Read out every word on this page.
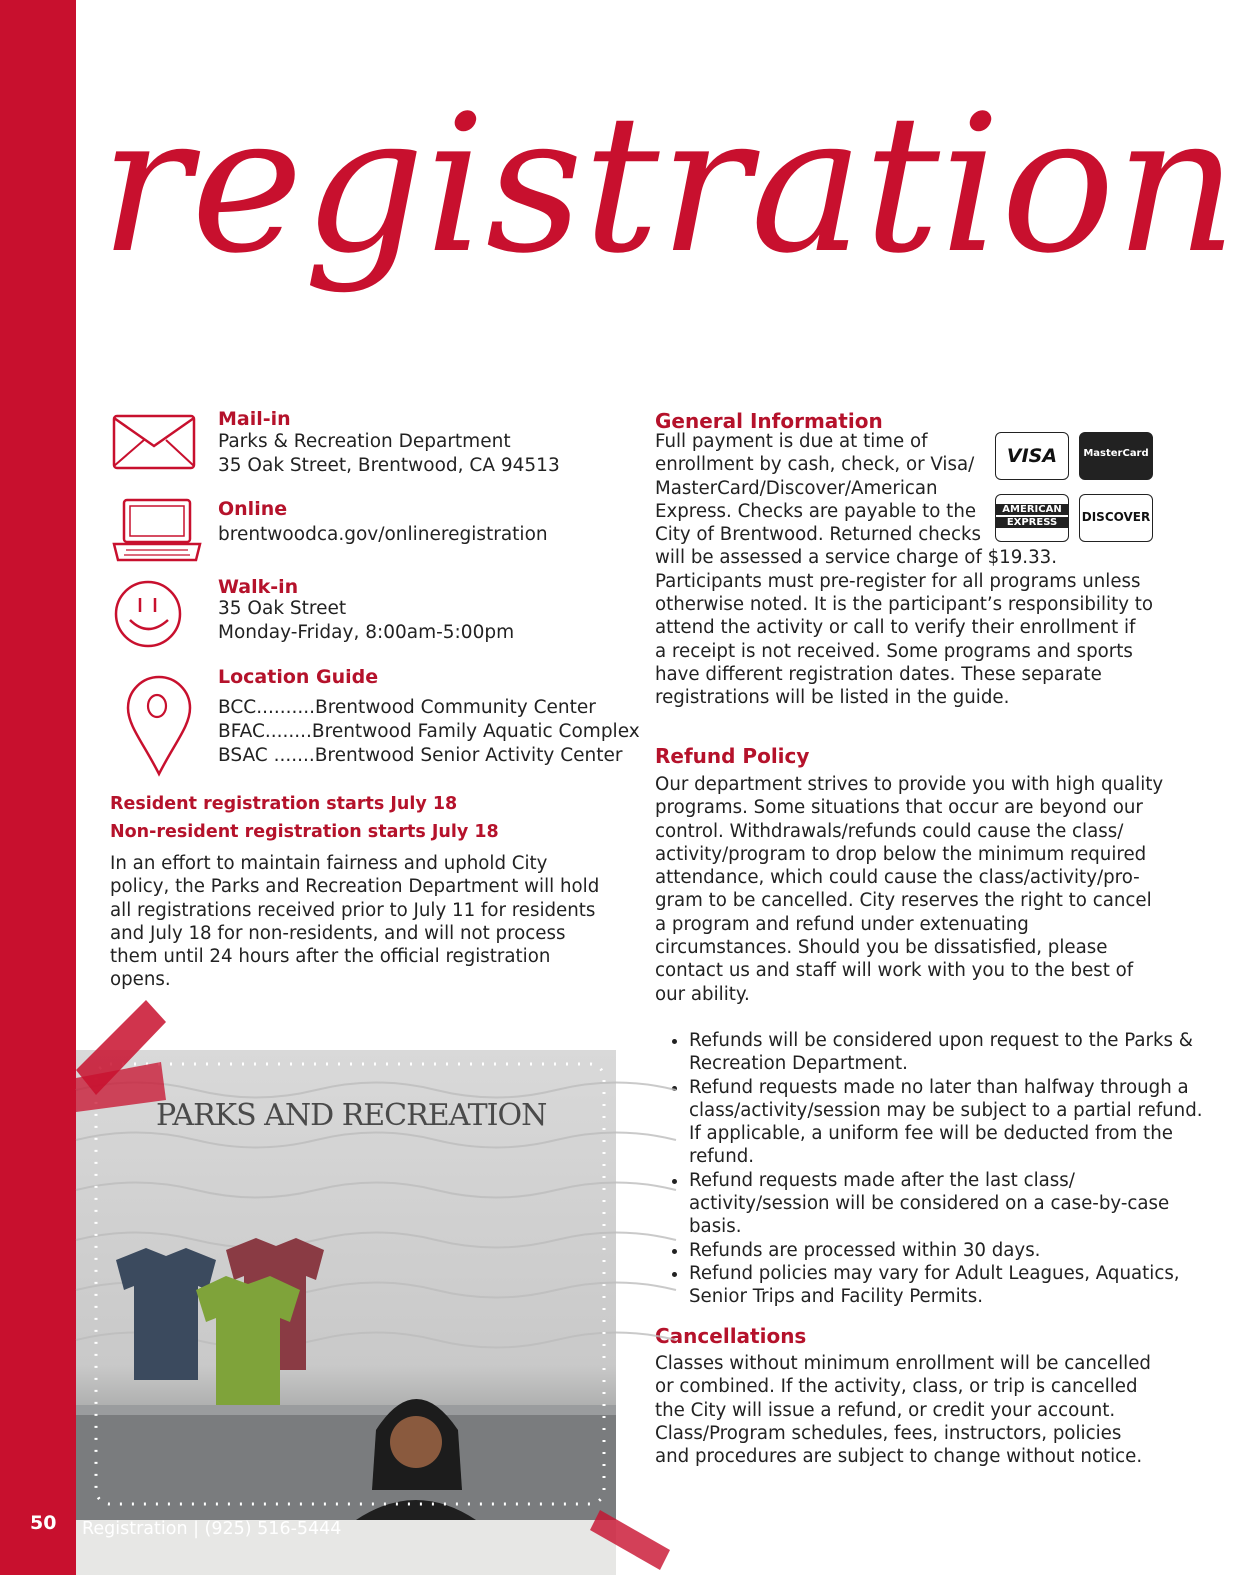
50
registration
Mail-in
Parks & Recreation Department
35 Oak Street, Brentwood, CA 94513
Online
brentwoodca.gov/onlineregistration
Walk-in
35 Oak Street
Monday-Friday, 8:00am-5:00pm
Location Guide
BCC..........Brentwood Community Center
BFAC........Brentwood Family Aquatic Complex
BSAC .......Brentwood Senior Activity Center
Resident registration starts July 18
Non-resident registration starts July 18
In an effort to maintain fairness and uphold City
policy, the Parks and Recreation Department will hold
all registrations received prior to July 11 for residents
and July 18 for non-residents, and will not process
them until 24 hours after the official registration
opens.
General Information
Full payment is due at time of
enrollment by cash, check, or Visa/
MasterCard/Discover/American
Express. Checks are payable to the
City of Brentwood. Returned checks
will be assessed a service charge of $19.33.
Participants must pre-register for all programs unless
otherwise noted. It is the participant’s responsibility to
attend the activity or call to verify their enrollment if
a receipt is not received. Some programs and sports
have different registration dates. These separate
registrations will be listed in the guide.
VISA	MasterCard
AMERICAN
EXPRESS	DISCOVER
Refund Policy
Our department strives to provide you with high quality
programs. Some situations that occur are beyond our
control. Withdrawals/refunds could cause the class/
activity/program to drop below the minimum required
attendance, which could cause the class/activity/pro-
gram to be cancelled. City reserves the right to cancel
a program and refund under extenuating
circumstances. Should you be dissatisfied, please
contact us and staff will work with you to the best of
our ability.
• Refunds will be considered upon request to the Parks & Recreation Department.
• Refund requests made no later than halfway through a class/activity/session may be subject to a partial refund. If applicable, a uniform fee will be deducted from the refund.
• Refund requests made after the last class/ activity/session will be considered on a case-by-case basis.
• Refunds are processed within 30 days.
• Refund policies may vary for Adult Leagues, Aquatics, Senior Trips and Facility Permits.
Cancellations
Classes without minimum enrollment will be cancelled
or combined. If the activity, class, or trip is cancelled
the City will issue a refund, or credit your account.
Class/Program schedules, fees, instructors, policies
and procedures are subject to change without notice.
PARKS AND RECREATION
Registration | (925) 516-5444
